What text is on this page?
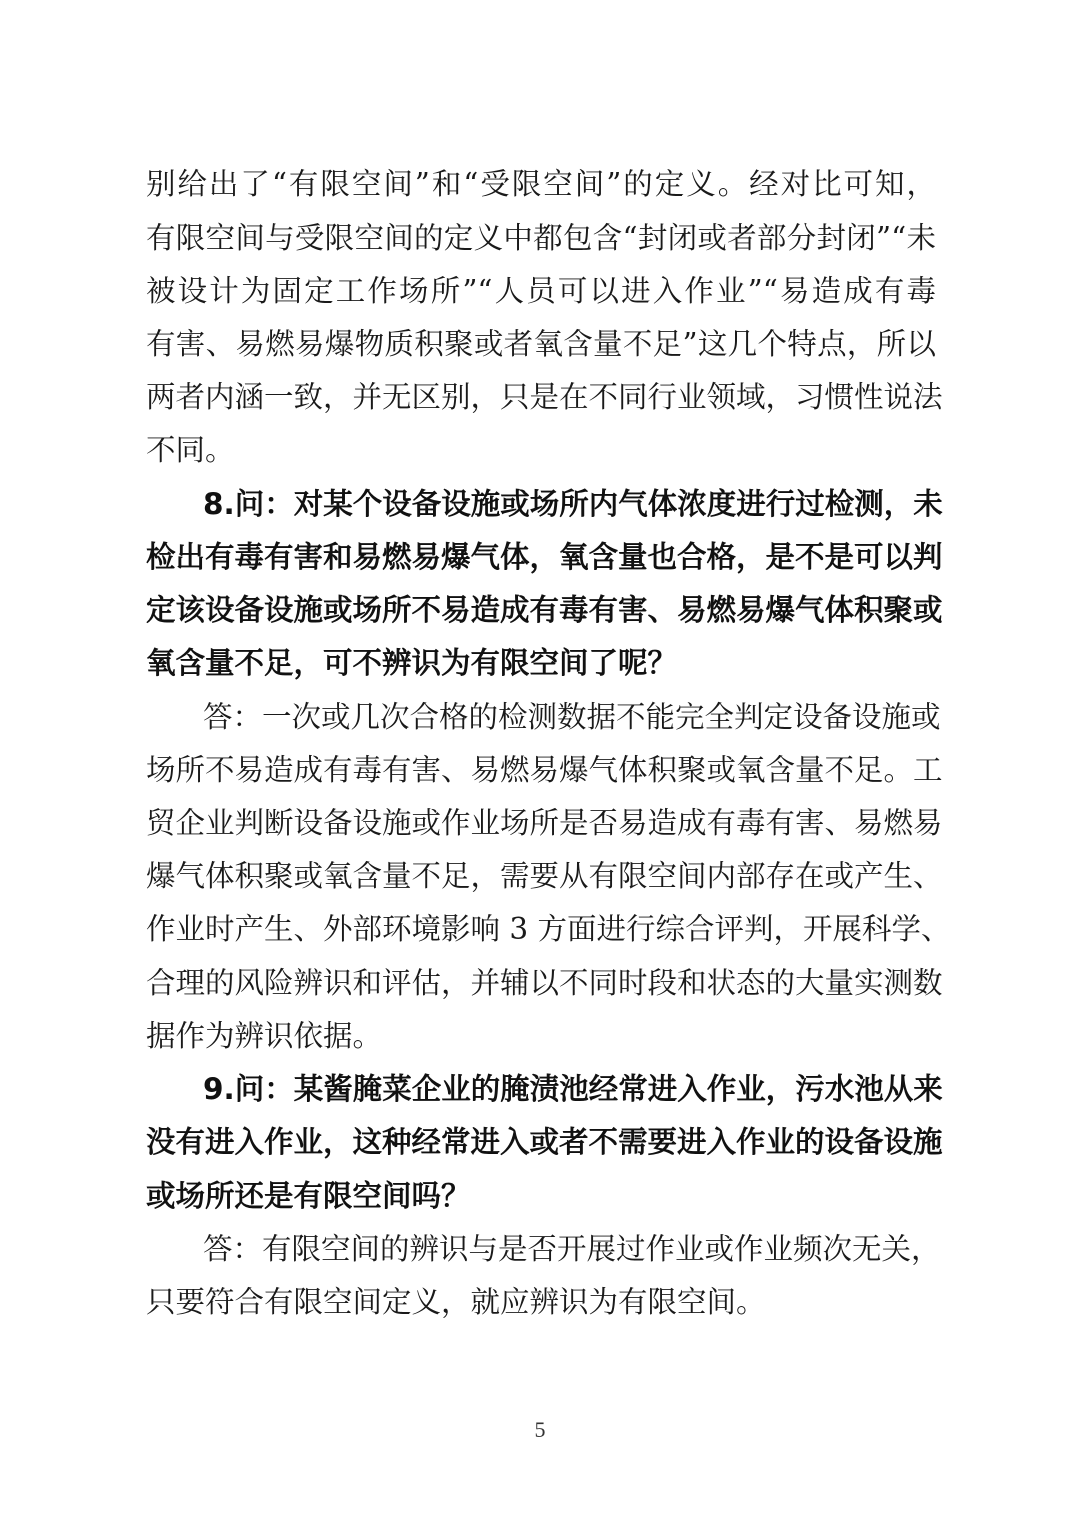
别给出了“有限空间”和“受限空间”的定义。经对比可知，
有限空间与受限空间的定义中都包含“封闭或者部分封闭”“未
被设计为固定工作场所”“人员可以进入作业”“易造成有毒
有害、易燃易爆物质积聚或者氧含量不足”这几个特点，所以
两者内涵一致，并无区别，只是在不同行业领域，习惯性说法
不同。
8.问：对某个设备设施或场所内气体浓度进行过检测，未
检出有毒有害和易燃易爆气体，氧含量也合格，是不是可以判
定该设备设施或场所不易造成有毒有害、易燃易爆气体积聚或
氧含量不足，可不辨识为有限空间了呢？
答：一次或几次合格的检测数据不能完全判定设备设施或
场所不易造成有毒有害、易燃易爆气体积聚或氧含量不足。工
贸企业判断设备设施或作业场所是否易造成有毒有害、易燃易
爆气体积聚或氧含量不足，需要从有限空间内部存在或产生、
作业时产生、外部环境影响 3 方面进行综合评判，开展科学、
合理的风险辨识和评估，并辅以不同时段和状态的大量实测数
据作为辨识依据。
9.问：某酱腌菜企业的腌渍池经常进入作业，污水池从来
没有进入作业，这种经常进入或者不需要进入作业的设备设施
或场所还是有限空间吗？
答：有限空间的辨识与是否开展过作业或作业频次无关，
只要符合有限空间定义，就应辨识为有限空间。
5
